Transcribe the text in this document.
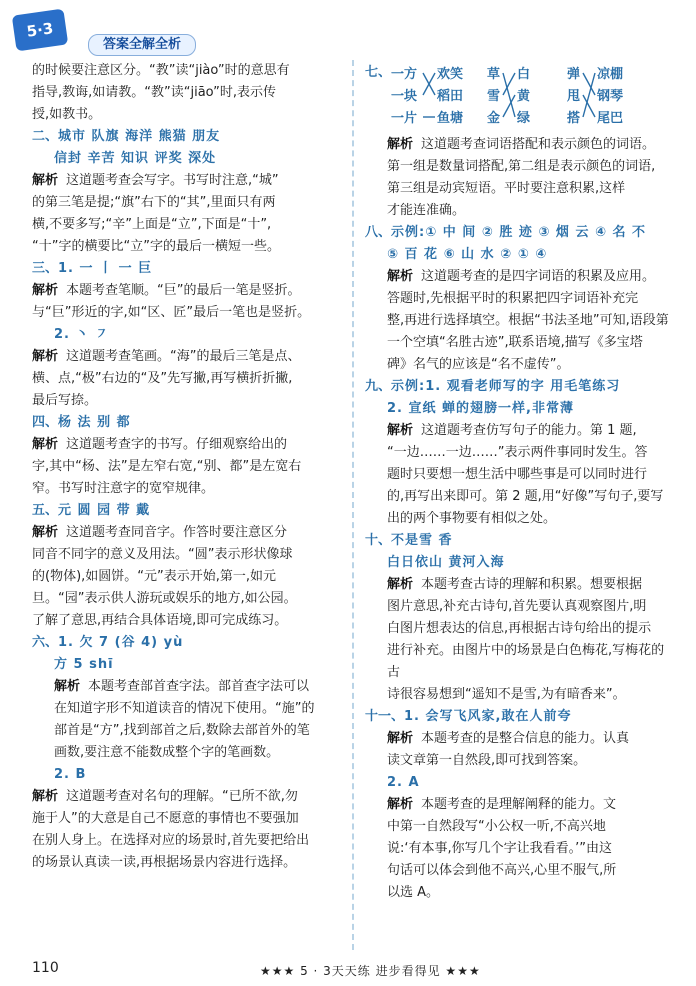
5·3
答案全解全析

的时候要注意区分。“教”读“jiào”时的意思有

指导,教诲,如请教。“教”读“jiāo”时,表示传

授,如教书。

二、城市 队旗 海洋 熊猫 朋友

信封 辛苦 知识 评奖 深处

解析 这道题考查会写字。书写时注意,“城”

的第三笔是提;“旗”右下的“其”,里面只有两

横,不要多写;“辛”上面是“立”,下面是“十”,

“十”字的横要比“立”字的最后一横短一些。

三、1. ⼀ ⼁ ⼀ 巨

解析 本题考查笔顺。“巨”的最后一笔是竖折。

与“巨”形近的字,如“区、匠”最后一笔也是竖折。

2. 丶 ㇇

解析 这道题考查笔画。“海”的最后三笔是点、

横、点,“极”右边的“及”先写撇,再写横折折撇,

最后写捺。

四、杨 法 别 都

解析 这道题考查字的书写。仔细观察给出的

字,其中“杨、法”是左窄右宽,“别、都”是左宽右

窄。书写时注意字的宽窄规律。

五、元 圆 园 带 戴

解析 这道题考查同音字。作答时要注意区分

同音不同字的意义及用法。“圆”表示形状像球

的(物体),如圆饼。“元”表示开始,第一,如元

旦。“园”表示供人游玩或娱乐的地方,如公园。

了解了意思,再结合具体语境,即可完成练习。

六、1. 欠 7 (谷 4) yù

方 5 shī

解析 本题考查部首查字法。部首查字法可以

在知道字形不知道读音的情况下使用。“施”的

部首是“方”,找到部首之后,数除去部首外的笔

画数,要注意不能数成整个字的笔画数。

2. B

解析 这道题考查对名句的理解。“已所不欲,勿

施于人”的大意是自己不愿意的事情也不要强加

在别人身上。在选择对应的场景时,首先要把给出

的场景认真读一读,再根据场景内容进行选择。

七、 一方
一块
一片
欢笑
稻田
鱼塘
草
雪
金
白
黄
绿
弹
甩
搭
凉棚
钢琴
尾巴

解析 这道题考查词语搭配和表示颜色的词语。

第一组是数量词搭配,第二组是表示颜色的词语,

第三组是动宾短语。平时要注意积累,这样

才能连准确。

八、示例:① 中 间 ② 胜 迹 ③ 烟 云 ④ 名 不

⑤ 百 花 ⑥ 山 水 ② ① ④

解析 这道题考查的是四字词语的积累及应用。

答题时,先根据平时的积累把四字词语补充完

整,再进行选择填空。根据“书法圣地”可知,语段第

一个空填“名胜古迹”,联系语境,描写《多宝塔

碑》名气的应该是“名不虚传”。

九、示例:1. 观看老师写的字 用毛笔练习

2. 宣纸 蝉的翅膀一样,非常薄

解析 这道题考查仿写句子的能力。第 1 题,

“一边……一边……”表示两件事同时发生。答

题时只要想一想生活中哪些事是可以同时进行

的,再写出来即可。第 2 题,用“好像”写句子,要写

出的两个事物要有相似之处。

十、不是雪 香

白日依山 黄河入海

解析 本题考查古诗的理解和积累。想要根据

图片意思,补充古诗句,首先要认真观察图片,明

白图片想表达的信息,再根据古诗句给出的提示

进行补充。由图片中的场景是白色梅花,写梅花的古

诗很容易想到“遥知不是雪,为有暗香来”。

十一、1. 会写飞风家,敢在人前夸

解析 本题考查的是整合信息的能力。认真

读文章第一自然段,即可找到答案。

2. A

解析 本题考查的是理解阐释的能力。文

中第一自然段写“小公权一听,不高兴地

说:‘有本事,你写几个字让我看看。’”由这

句话可以体会到他不高兴,心里不服气,所

以选 A。

110	★★★ 5 · 3天天练 进步看得见 ★★★
